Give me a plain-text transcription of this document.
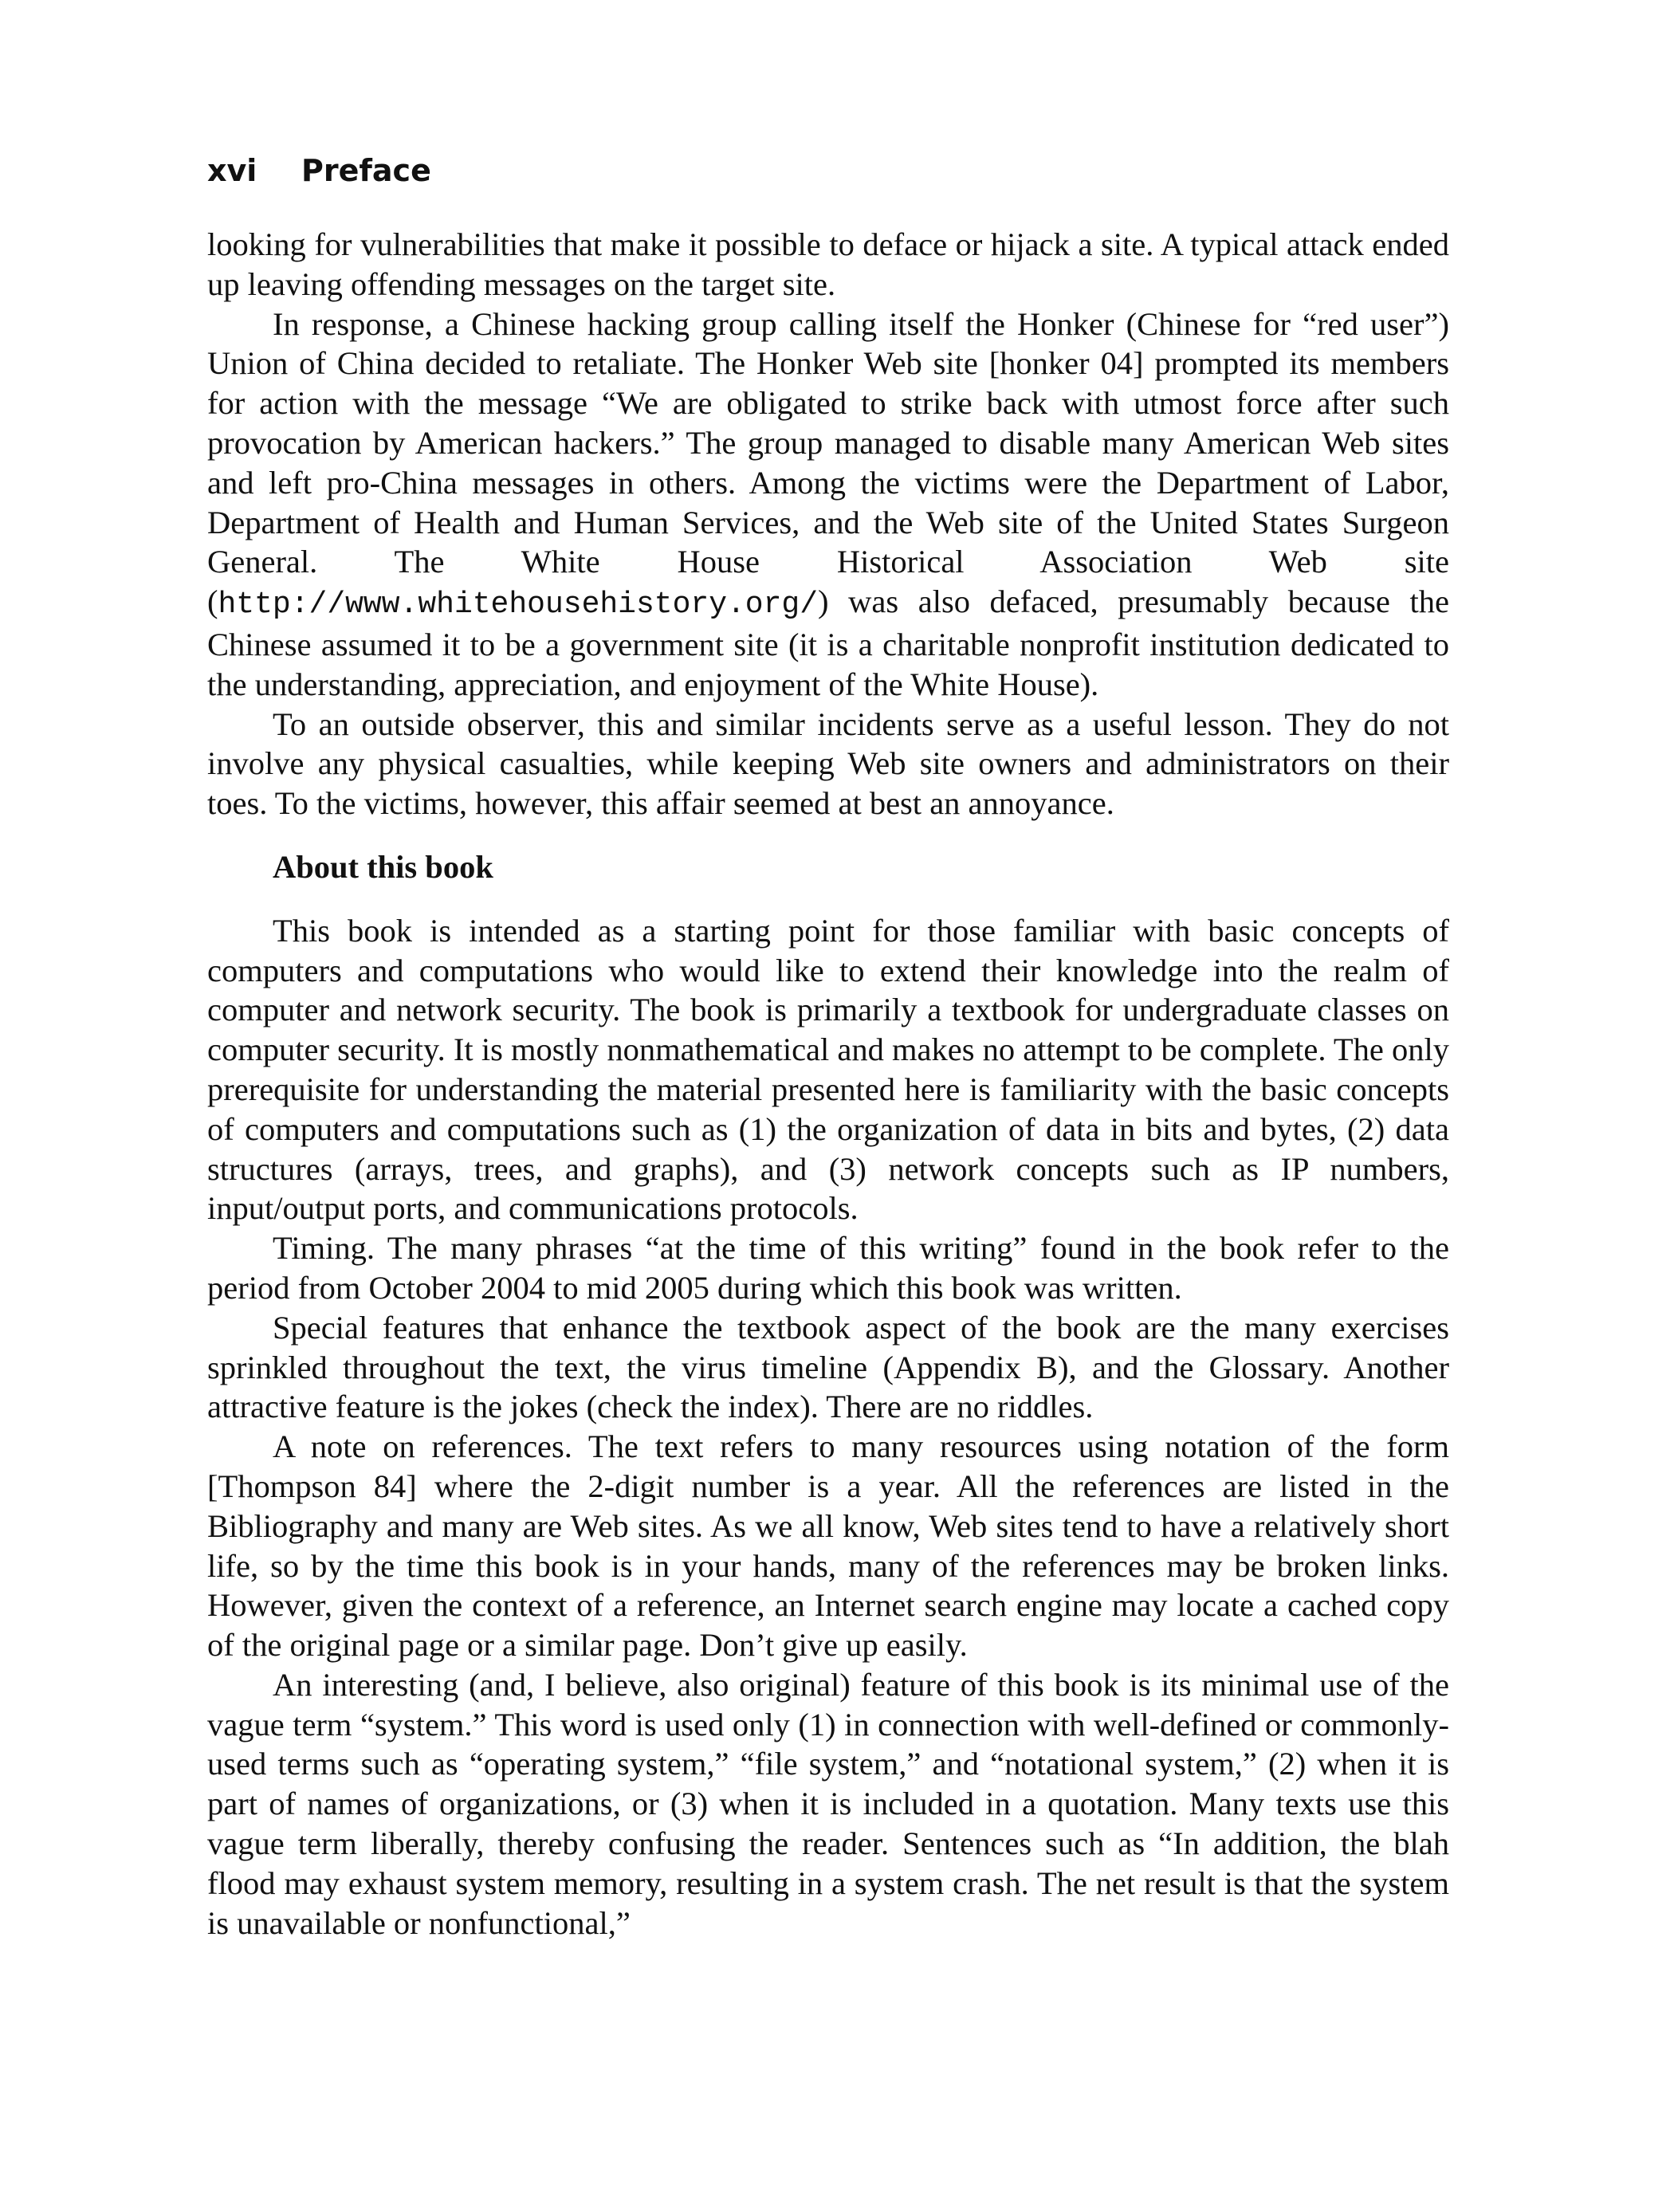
xvi Preface

looking for vulnerabilities that make it possible to deface or hijack a site. A typical attack ended up leaving offending messages on the target site.

In response, a Chinese hacking group calling itself the Honker (Chinese for “red user”) Union of China decided to retaliate. The Honker Web site [honker 04] prompted its members for action with the message “We are obligated to strike back with utmost force after such provocation by American hackers.” The group managed to disable many American Web sites and left pro-China messages in others. Among the victims were the Department of Labor, Department of Health and Human Services, and the Web site of the United States Surgeon General. The White House Historical Association Web site (http://www.whitehousehistory.org/) was also defaced, presumably because the Chinese assumed it to be a government site (it is a charitable nonprofit institution dedicated to the understanding, appreciation, and enjoyment of the White House).

To an outside observer, this and similar incidents serve as a useful lesson. They do not involve any physical casualties, while keeping Web site owners and administrators on their toes. To the victims, however, this affair seemed at best an annoyance.

About this book

This book is intended as a starting point for those familiar with basic concepts of computers and computations who would like to extend their knowledge into the realm of computer and network security. The book is primarily a textbook for undergraduate classes on computer security. It is mostly nonmathematical and makes no attempt to be complete. The only prerequisite for understanding the material presented here is familiarity with the basic concepts of computers and computations such as (1) the organization of data in bits and bytes, (2) data structures (arrays, trees, and graphs), and (3) network concepts such as IP numbers, input/output ports, and communications protocols.

Timing. The many phrases “at the time of this writing” found in the book refer to the period from October 2004 to mid 2005 during which this book was written.

Special features that enhance the textbook aspect of the book are the many exercises sprinkled throughout the text, the virus timeline (Appendix B), and the Glossary. Another attractive feature is the jokes (check the index). There are no riddles.

A note on references. The text refers to many resources using notation of the form [Thompson 84] where the 2-digit number is a year. All the references are listed in the Bibliography and many are Web sites. As we all know, Web sites tend to have a relatively short life, so by the time this book is in your hands, many of the references may be broken links. However, given the context of a reference, an Internet search engine may locate a cached copy of the original page or a similar page. Don’t give up easily.

An interesting (and, I believe, also original) feature of this book is its minimal use of the vague term “system.” This word is used only (1) in connection with well-defined or commonly-used terms such as “operating system,” “file system,” and “notational system,” (2) when it is part of names of organizations, or (3) when it is included in a quotation. Many texts use this vague term liberally, thereby confusing the reader. Sentences such as “In addition, the blah flood may exhaust system memory, resulting in a system crash. The net result is that the system is unavailable or nonfunctional,”
